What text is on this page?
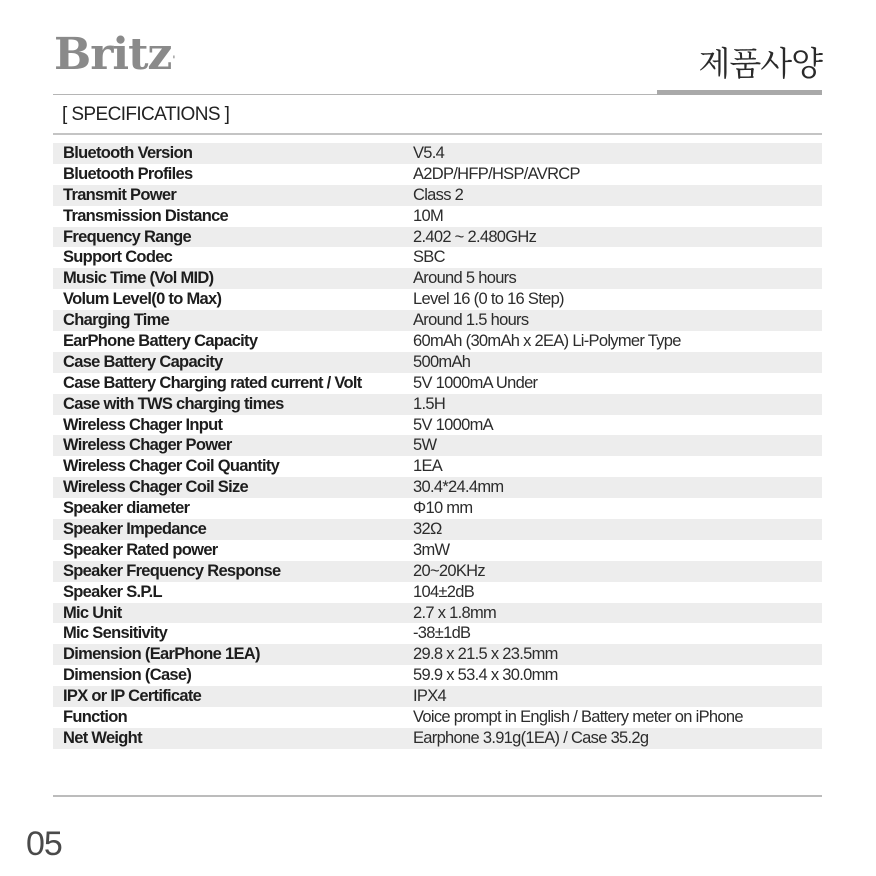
Britz'	제품사양
[ SPECIFICATIONS ]
Bluetooth Version	V5.4
Bluetooth Profiles	A2DP/HFP/HSP/AVRCP
Transmit Power	Class 2
Transmission Distance	10M
Frequency Range	2.402 ~ 2.480GHz
Support Codec	SBC
Music Time (Vol MID)	Around 5 hours
Volum Level(0 to Max)	Level 16 (0 to 16 Step)
Charging Time	Around 1.5 hours
EarPhone Battery Capacity	60mAh (30mAh x 2EA) Li-Polymer Type
Case Battery Capacity	500mAh
Case Battery Charging rated current / Volt	5V 1000mA Under
Case with TWS charging times	1.5H
Wireless Chager Input	5V 1000mA
Wireless Chager Power	5W
Wireless Chager Coil Quantity	1EA
Wireless Chager Coil Size	30.4*24.4mm
Speaker diameter	Φ10 mm
Speaker Impedance	32Ω
Speaker Rated power	3mW
Speaker Frequency Response	20~20KHz
Speaker S.P.L	104±2dB
Mic Unit	2.7 x 1.8mm
Mic Sensitivity	-38±1dB
Dimension (EarPhone 1EA)	29.8 x 21.5 x 23.5mm
Dimension (Case)	59.9 x 53.4 x 30.0mm
IPX or IP Certificate	IPX4
Function	Voice prompt in English / Battery meter on iPhone
Net Weight	Earphone 3.91g(1EA) / Case 35.2g
05
